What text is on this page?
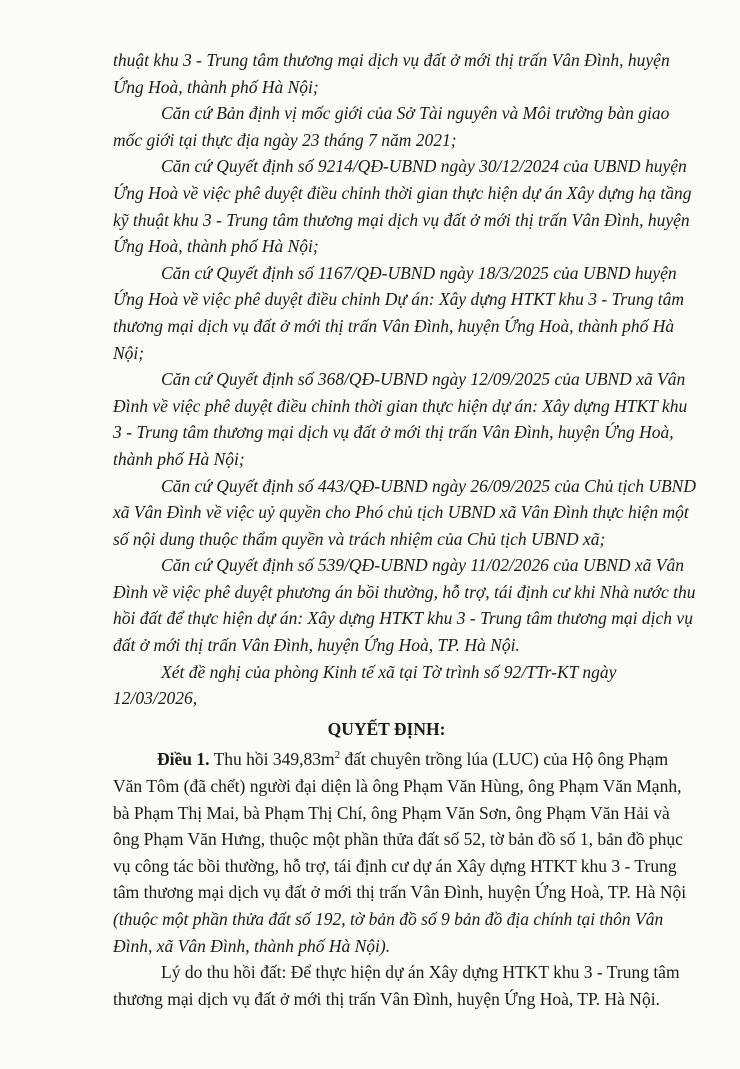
thuật khu 3 - Trung tâm thương mại dịch vụ đất ở mới thị trấn Vân Đình, huyện

Ứng Hoà, thành phố Hà Nội;

Căn cứ Bản định vị mốc giới của Sở Tài nguyên và Môi trường bàn giao

mốc giới tại thực địa ngày 23 tháng 7 năm 2021;

Căn cứ Quyết định số 9214/QĐ-UBND ngày 30/12/2024 của UBND huyện

Ứng Hoà về việc phê duyệt điều chỉnh thời gian thực hiện dự án Xây dựng hạ tầng

kỹ thuật khu 3 - Trung tâm thương mại dịch vụ đất ở mới thị trấn Vân Đình, huyện

Ứng Hoà, thành phố Hà Nội;

Căn cứ Quyết định số 1167/QĐ-UBND ngày 18/3/2025 của UBND huyện

Ứng Hoà về việc phê duyệt điều chỉnh Dự án: Xây dựng HTKT khu 3 - Trung tâm

thương mại dịch vụ đất ở mới thị trấn Vân Đình, huyện Ứng Hoà, thành phố Hà

Nội;

Căn cứ Quyết định số 368/QĐ-UBND ngày 12/09/2025 của UBND xã Vân

Đình về việc phê duyệt điều chỉnh thời gian thực hiện dự án: Xây dựng HTKT khu

3 - Trung tâm thương mại dịch vụ đất ở mới thị trấn Vân Đình, huyện Ứng Hoà,

thành phố Hà Nội;

Căn cứ Quyết định số 443/QĐ-UBND ngày 26/09/2025 của Chủ tịch UBND

xã Vân Đình về việc uỷ quyền cho Phó chủ tịch UBND xã Vân Đình thực hiện một

số nội dung thuộc thẩm quyền và trách nhiệm của Chủ tịch UBND xã;

Căn cứ Quyết định số 539/QĐ-UBND ngày 11/02/2026 của UBND xã Vân

Đình về việc phê duyệt phương án bồi thường, hỗ trợ, tái định cư khi Nhà nước thu

hồi đất để thực hiện dự án: Xây dựng HTKT khu 3 - Trung tâm thương mại dịch vụ

đất ở mới thị trấn Vân Đình, huyện Ứng Hoà, TP. Hà Nội.

Xét đề nghị của phòng Kinh tế xã tại Tờ trình số 92/TTr-KT ngày

12/03/2026,

QUYẾT ĐỊNH:

Điều 1. Thu hồi $349,83m^2$ đất chuyên trồng lúa (LUC) của Hộ ông Phạm

Văn Tôm (đã chết) người đại diện là ông Phạm Văn Hùng, ông Phạm Văn Mạnh,

bà Phạm Thị Mai, bà Phạm Thị Chí, ông Phạm Văn Sơn, ông Phạm Văn Hải và

ông Phạm Văn Hưng, thuộc một phần thửa đất số 52, tờ bản đồ số 1, bản đồ phục

vụ công tác bồi thường, hỗ trợ, tái định cư dự án Xây dựng HTKT khu 3 - Trung

tâm thương mại dịch vụ đất ở mới thị trấn Vân Đình, huyện Ứng Hoà, TP. Hà Nội

(thuộc một phần thửa đất số 192, tờ bản đồ số 9 bản đồ địa chính tại thôn Vân

Đình, xã Vân Đình, thành phố Hà Nội).

Lý do thu hồi đất: Để thực hiện dự án Xây dựng HTKT khu 3 - Trung tâm

thương mại dịch vụ đất ở mới thị trấn Vân Đình, huyện Ứng Hoà, TP. Hà Nội.
